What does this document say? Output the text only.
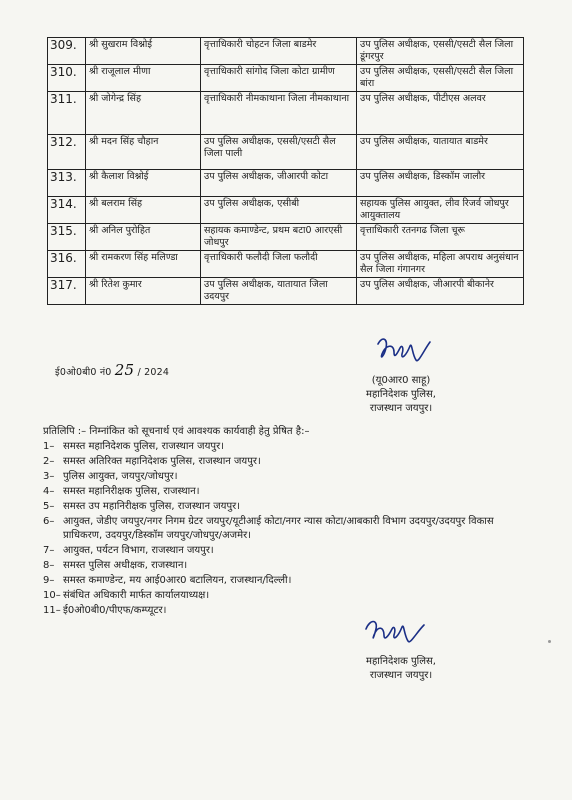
309.	श्री सुखराम विश्नोई	वृत्ताधिकारी चोहटन जिला बाडमेर	उप पुलिस अधीक्षक, एससी/एसटी सैल जिला डूंगरपुर
310.	श्री राजूलाल मीणा	वृत्ताधिकारी सांगोद जिला कोटा ग्रामीण	उप पुलिस अधीक्षक, एससी/एसटी सैल जिला बांरा
311.	श्री जोगेन्द्र सिंह	वृत्ताधिकारी नीमकाथाना जिला नीमकाथाना	उप पुलिस अधीक्षक, पीटीएस अलवर
312.	श्री मदन सिंह चौहान	उप पुलिस अधीक्षक, एससी/एसटी सैल जिला पाली	उप पुलिस अधीक्षक, यातायात बाडमेर
313.	श्री कैलाश विश्नोई	उप पुलिस अधीक्षक, जीआरपी कोटा	उप पुलिस अधीक्षक, डिस्कॉम जालौर
314.	श्री बलराम सिंह	उप पुलिस अधीक्षक, एसीबी	सहायक पुलिस आयुक्त, लीव रिजर्व जोधपुर आयुक्तालय
315.	श्री अनिल पुरोहित	सहायक कमाण्डेन्ट, प्रथम बटा0 आरएसी जोधपुर	वृत्ताधिकारी रतनगढ जिला चूरू
316.	श्री रामकरण सिंह मलिण्डा	वृत्ताधिकारी फलौदी जिला फलौदी	उप पुलिस अधीक्षक, महिला अपराध अनुसंधान सैल जिला गंगानगर
317.	श्री रितेश कुमार	उप पुलिस अधीक्षक, यातायात जिला उदयपुर	उप पुलिस अधीक्षक, जीआरपी बीकानेर
ई0ओ0बी0 नं0 25 / 2024
(यू0आर0 साहू)
महानिदेशक पुलिस,
राजस्थान जयपुर।
प्रतिलिपि :– निम्नांकित को सूचनार्थ एवं आवश्यक कार्यवाही हेतु प्रेषित है:–
1– समस्त महानिदेशक पुलिस, राजस्थान जयपुर।
2– समस्त अतिरिक्त महानिदेशक पुलिस, राजस्थान जयपुर।
3– पुलिस आयुक्त, जयपुर/जोधपुर।
4– समस्त महानिरीक्षक पुलिस, राजस्थान।
5– समस्त उप महानिरीक्षक पुलिस, राजस्थान जयपुर।
6– आयुक्त, जेडीए जयपुर/नगर निगम ग्रेटर जयपुर/यूटीआई कोटा/नगर न्यास कोटा/आबकारी विभाग उदयपुर/उदयपुर विकास प्राधिकरण, उदयपुर/डिस्कॉम जयपुर/जोधपुर/अजमेर।
7– आयुक्त, पर्यटन विभाग, राजस्थान जयपुर।
8– समस्त पुलिस अधीक्षक, राजस्थान।
9– समस्त कमाण्डेन्ट, मय आई0आर0 बटालियन, राजस्थान/दिल्ली।
10– संबंधित अधिकारी मार्फत कार्यालयाध्यक्ष।
11– ई0ओ0बी0/पीएफ/कम्प्यूटर।
महानिदेशक पुलिस,
राजस्थान जयपुर।
